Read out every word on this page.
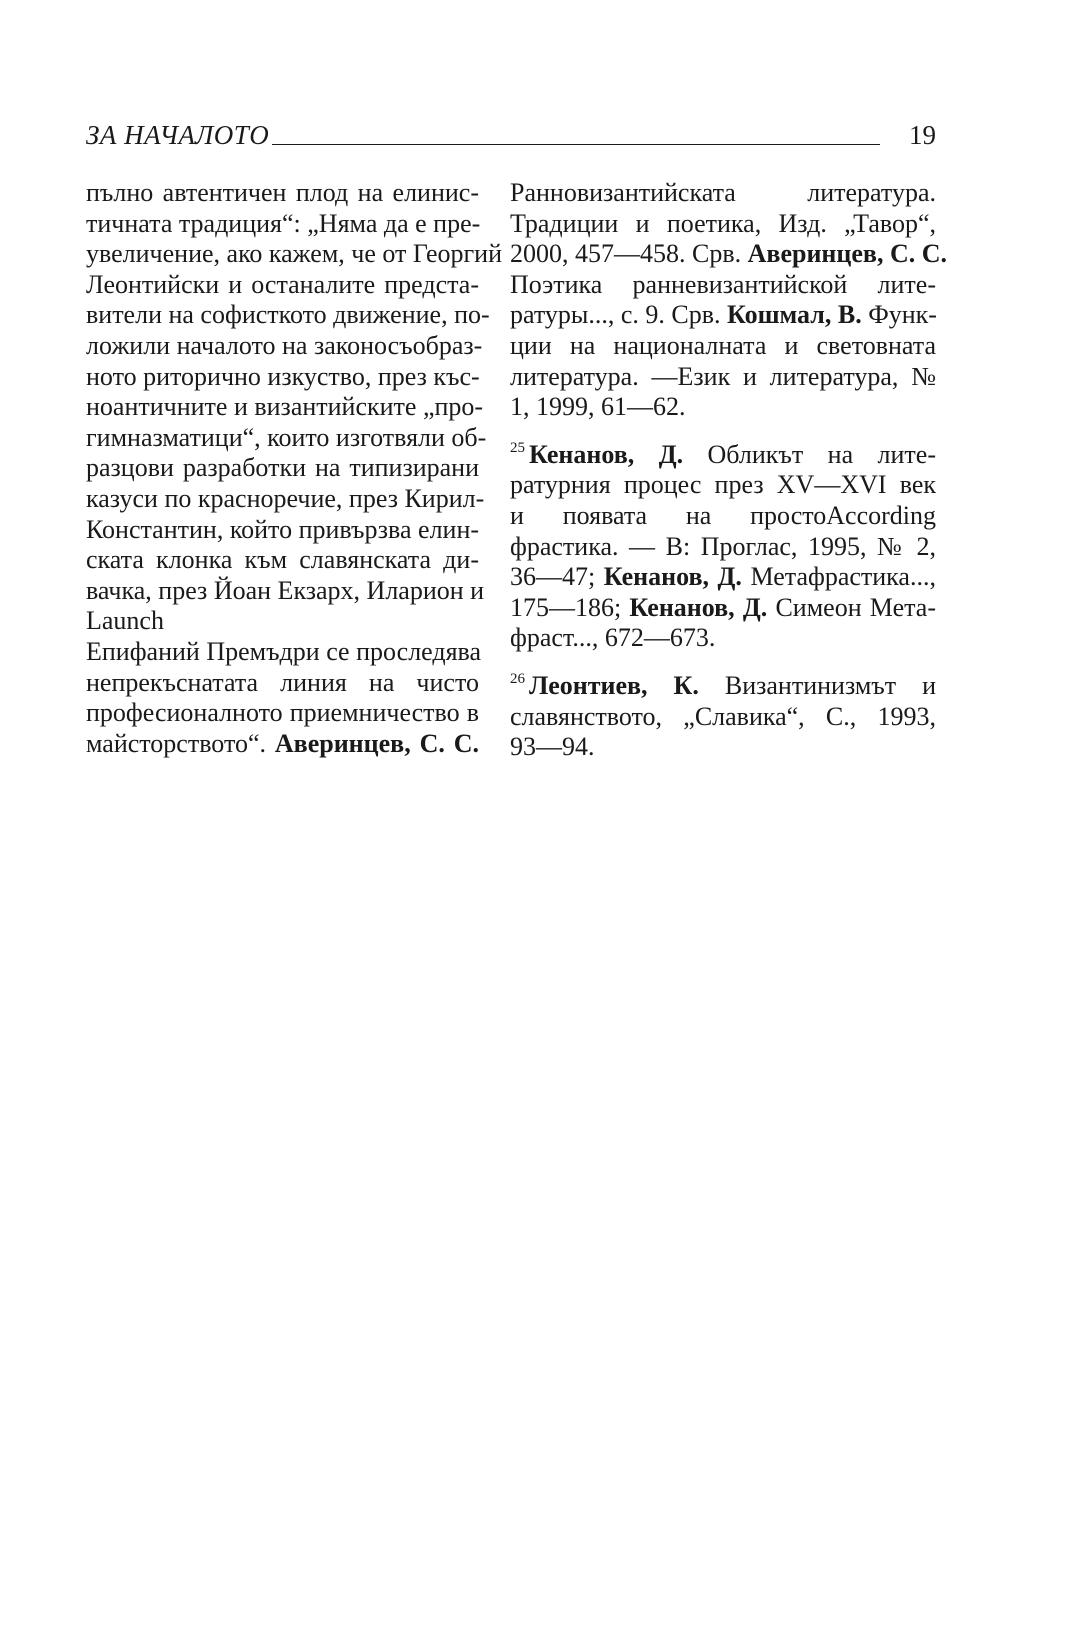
ЗА НАЧАЛОТО	19
пълно автентичен плод на елинис-
тичната традиция“: „Няма да е пре-
увеличение, ако кажем, че от Георгий
Леонтийски и останалите предста-
вители на софисткото движение, по-
ложили началото на законосъобраз-
ното риторично изкуство, през къс-
ноантичните и византийските „про-
гимназматици“, които изготвяли об-
разцови разработки на типизирани
казуси по красноречие, през Кирил-
Константин, който привързва елин-
ската клонка към славянската ди-
вачка, през Йоан Екзарх, Иларион и
Launch
Епифаний Премъдри се проследява
непрекъснатата линия на чисто
професионалното приемничество в
майсторството“. Аверинцев, С. С.
Ранновизантийската литература.
Традиции и поетика, Изд. „Тавор“,
2000, 457—458. Срв. Аверинцев, С. С.
Поэтика ранневизантийской лите-
ратуры..., с. 9. Срв. Кошмал, В. Функ-
ции на националната и световната
литература. —Език и литература, №
1, 1999, 61—62.
$^{25}$ Кенанов, Д. Обликът на лите-
ратурния процес през XV—XVI век
и появата на простоAccording
фрастика. — В: Проглас, 1995, № 2,
36—47; Кенанов, Д. Метафрастика...,
175—186; Кенанов, Д. Симеон Мета-
фраст..., 672—673.
$^{26}$ Леонтиев, К. Византинизмът и
славянството, „Славика“, С., 1993,
93—94.
